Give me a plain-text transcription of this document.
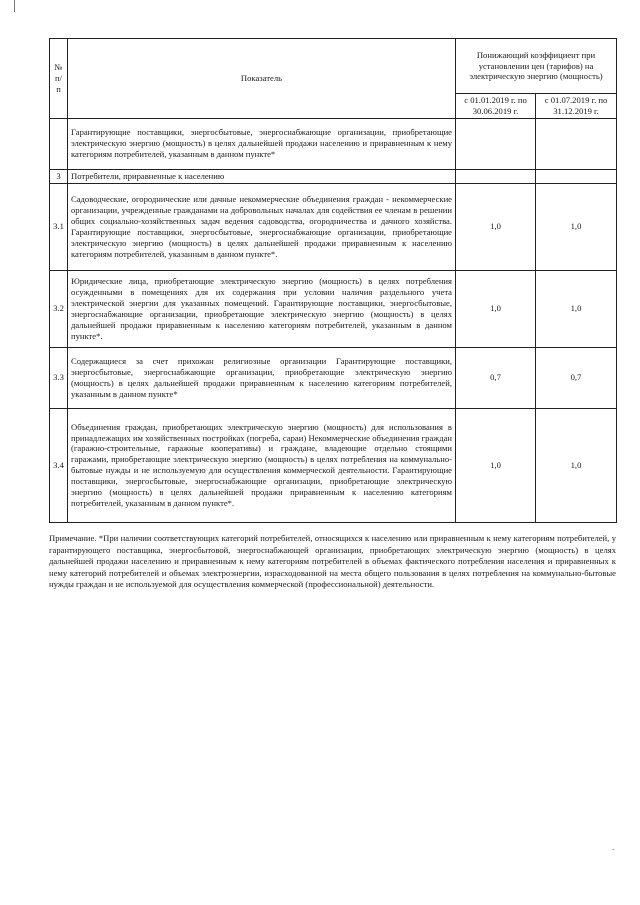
№ п/п	Показатель	Понижающий коэффициент при установлении цен (тарифов) на электрическую энергию (мощность)	
		с 01.01.2019 г. по 30.06.2019 г.	с 01.07.2019 г. по 31.12.2019 г.
	Гарантирующие поставщики, энергосбытовые, энергоснабжающие организации, приобретающие электрическую энергию (мощность) в целях дальнейшей продажи населению и приравненным к нему категориям потребителей, указанным в данном пункте*		
3	Потребители, приравненные к населению		
3.1	Садоводческие, огороднические или дачные некоммерческие объединения граждан - некоммерческие организации, учрежденные гражданами на добровольных началах для содействия ее членам в решении общих социально-хозяйственных задач ведения садоводства, огородничества и дачного хозяйства. Гарантирующие поставщики, энергосбытовые, энергоснабжающие организации, приобретающие электрическую энергию (мощность) в целях дальнейшей продажи приравненным к населению категориям потребителей, указанным в данном пункте*.	1,0	1,0
3.2	Юридические лица, приобретающие электрическую энергию (мощность) в целях потребления осужденными в помещениях для их содержания при условии наличия раздельного учета электрической энергии для указанных помещений. Гарантирующие поставщики, энергосбытовые, энергоснабжающие организации, приобретающие электрическую энергию (мощность) в целях дальнейшей продажи приравненным к населению категориям потребителей, указанным в данном пункте*.	1,0	1,0
3.3	Содержащиеся за счет прихожан религиозные организации Гарантирующие поставщики, энергосбытовые, энергоснабжающие организации, приобретающие электрическую энергию (мощность) в целях дальнейшей продажи приравненным к населению категориям потребителей, указанным в данном пункте*	0,7	0,7
3.4	Объединения граждан, приобретающих электрическую энергию (мощность) для использования в принадлежащих им хозяйственных постройках (погреба, сараи) Некоммерческие объединения граждан (гаражно-строительные, гаражные кооперативы) и граждане, владеющие отдельно стоящими гаражами, приобретающие электрическую энергию (мощность) в целях потребления на коммунально-бытовые нужды и не используемую для осуществления коммерческой деятельности. Гарантирующие поставщики, энергосбытовые, энергоснабжающие организации, приобретающие электрическую энергию (мощность) в целях дальнейшей продажи приравненным к населению категориям потребителей, указанным в данном пункте*.	1,0	1,0

Примечание. *При наличии соответствующих категорий потребителей, относящихся к населению или приравненным к нему категориям потребителей, у гарантирующего поставщика, энергосбытовой, энергоснабжающей организации, приобретающих электрическую энергию (мощность) в целях дальнейшей продажи населению и приравненным к нему категориям потребителей в объемах фактического потребления населения и приравненных к нему категорий потребителей и объемах электроэнергии, израсходованной на места общего пользования в целях потребления на коммунально-бытовые нужды граждан и не используемой для осуществления коммерческой (профессиональной) деятельности.

.
